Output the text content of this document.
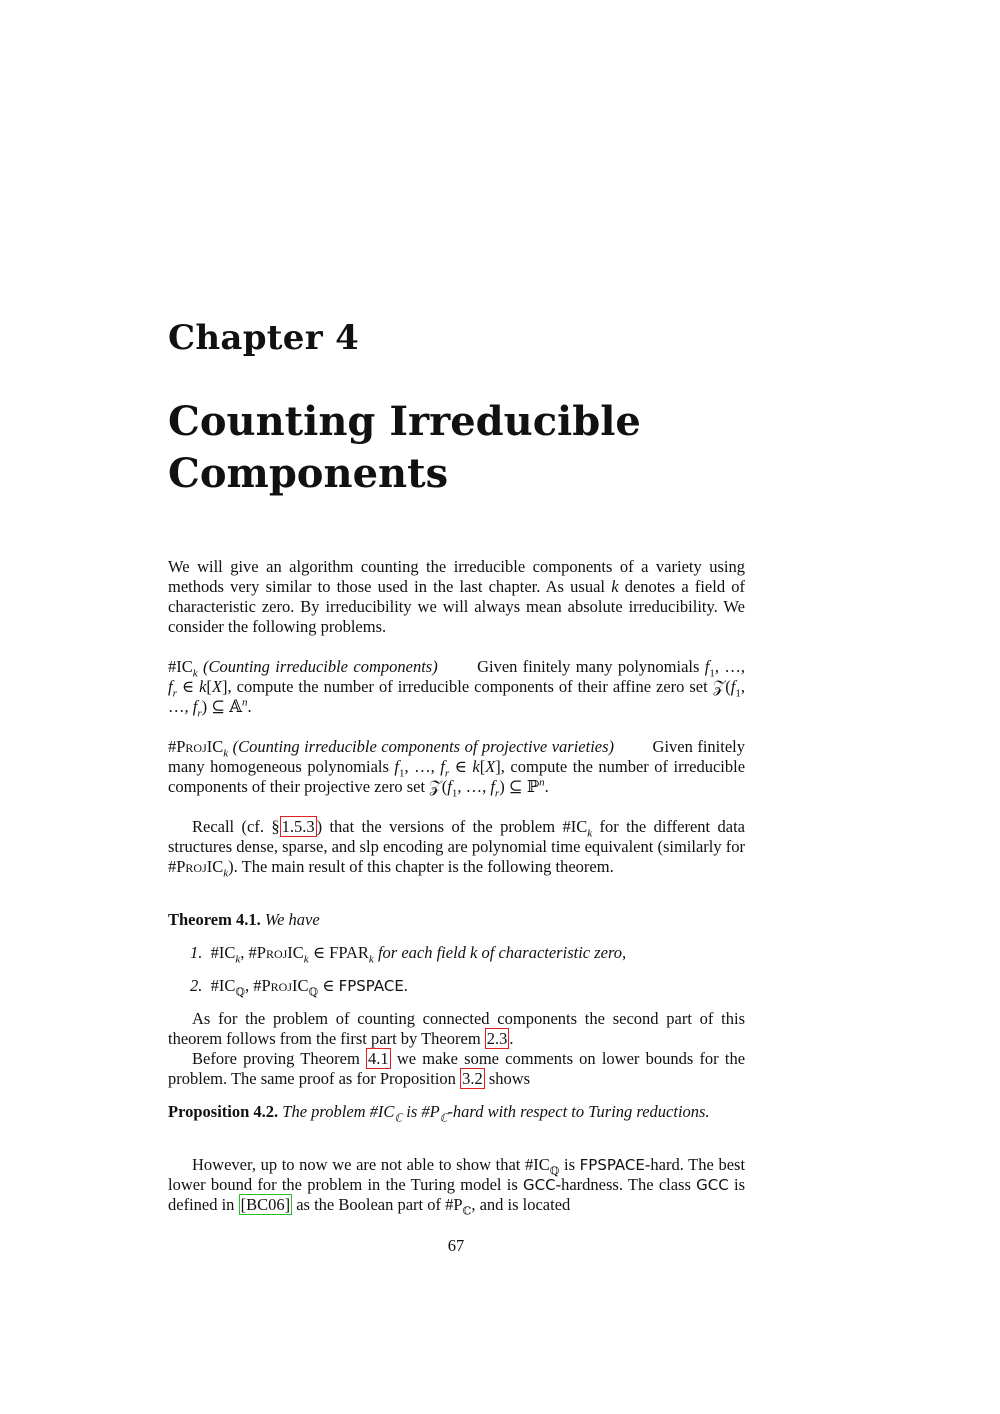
Chapter 4
Counting Irreducible
Components
We will give an algorithm counting the irreducible components of a variety using methods very similar to those used in the last chapter. As usual k denotes a field of characteristic zero. By irreducibility we will always mean absolute irreducibility. We consider the following problems.
$\#IC_k$ (Counting irreducible components) Given finitely many polynomials $f_1$, …, $f_r$ ∈ k[X], compute the number of irreducible components of their affine zero set $𝒵(f_1$, …, $f_r$) ⊆ 𝔸$^n$.
#ProjIC$_k$ (Counting irreducible components of projective varieties) Given finitely many homogeneous polynomials $f_1$, …, $f_r$ ∈ k[X], compute the number of irreducible components of their projective zero set $𝒵(f_1$, …, $f_r$) ⊆ ℙ$^n$.
Recall (cf. § 1.5.3 ) that the versions of the problem $\#IC_k$ for the different data structures dense, sparse, and slp encoding are polynomial time equivalent (similarly for #ProjIC$_k$). The main result of this chapter is the following theorem.
Theorem 4.1. We have
1.  $\#IC_k$, #ProjIC$_k$ ∈ $FPAR_k$ for each field k of characteristic zero,
2.  $\#IC_ℚ$, #ProjIC$_ℚ$ ∈ FPSPACE.
As for the problem of counting connected components the second part of this theorem follows from the first part by Theorem 2.3 .
Before proving Theorem 4.1 we make some comments on lower bounds for the problem. The same proof as for Proposition 3.2 shows
Proposition 4.2. The problem $\#IC_ℂ$ is $\#P_ℂ$-hard with respect to Turing reductions.
However, up to now we are not able to show that $\#IC_ℚ$ is FPSPACE-hard. The best lower bound for the problem in the Turing model is GCC-hardness. The class GCC is defined in [BC06] as the Boolean part of $\#P_ℂ$, and is located
67
